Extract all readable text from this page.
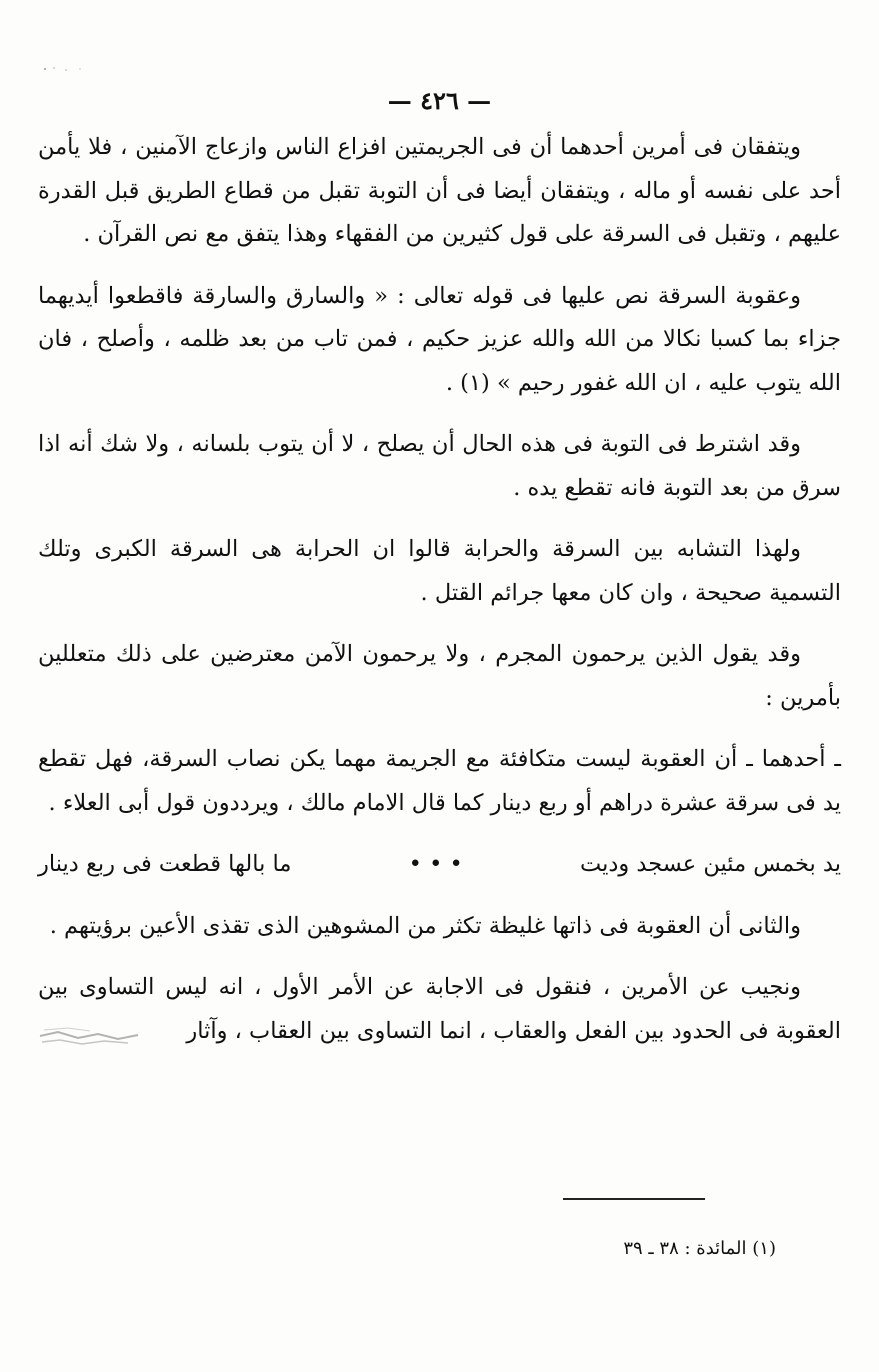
— ٤٢٦ —

ويتفقان فى أمرين أحدهما أن فى الجريمتين افزاع الناس وازعاج الآمنين ، فلا يأمن أحد على نفسه أو ماله ، ويتفقان أيضا فى أن التوبة تقبل من قطاع الطريق قبل القدرة عليهم ، وتقبل فى السرقة على قول كثيرين من الفقهاء وهذا يتفق مع نص القرآن .

وعقوبة السرقة نص عليها فى قوله تعالى : « والسارق والسارقة فاقطعوا أيديهما جزاء بما كسبا نكالا من الله والله عزيز حكيم ، فمن تاب من بعد ظلمه ، وأصلح ، فان الله يتوب عليه ، ان الله غفور رحيم » (١) .

وقد اشترط فى التوبة فى هذه الحال أن يصلح ، لا أن يتوب بلسانه ، ولا شك أنه اذا سرق من بعد التوبة فانه تقطع يده .

ولهذا التشابه بين السرقة والحرابة قالوا ان الحرابة هى السرقة الكبرى وتلك التسمية صحيحة ، وان كان معها جرائم القتل .

وقد يقول الذين يرحمون المجرم ، ولا يرحمون الآمن معترضين على ذلك متعللين بأمرين :

ـ أحدهما ـ أن العقوبة ليست متكافئة مع الجريمة مهما يكن نصاب السرقة، فهل تقطع يد فى سرقة عشرة دراهم أو ربع دينار كما قال الامام مالك ، ويرددون قول أبى العلاء .

يد بخمس مئين عسجد وديت
• • •
ما بالها قطعت فى ربع دينار

والثانى أن العقوبة فى ذاتها غليظة تكثر من المشوهين الذى تقذى الأعين برؤيتهم .

ونجيب عن الأمرين ، فنقول فى الاجابة عن الأمر الأول ، انه ليس التساوى بين العقوبة فى الحدود بين الفعل والعقاب ، انما التساوى بين العقاب ، وآثار

(١) المائدة : ٣٨ ـ ٣٩
